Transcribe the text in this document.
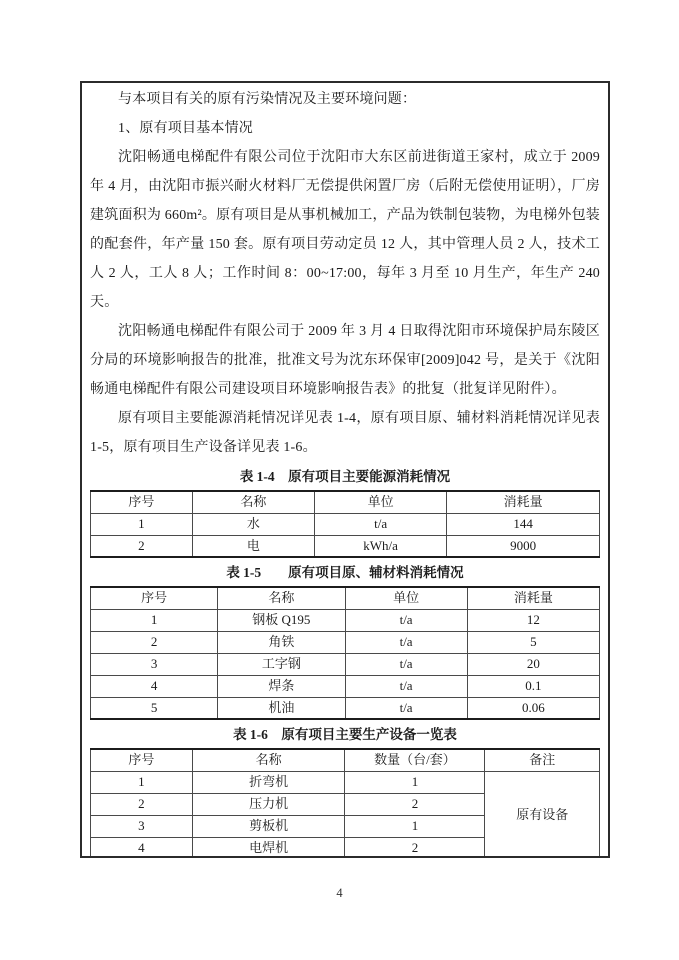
与本项目有关的原有污染情况及主要环境问题：

1、原有项目基本情况

沈阳畅通电梯配件有限公司位于沈阳市大东区前进街道王家村，成立于 2009 年 4 月，由沈阳市振兴耐火材料厂无偿提供闲置厂房（后附无偿使用证明），厂房建筑面积为 660m²。原有项目是从事机械加工，产品为铁制包装物，为电梯外包装的配套件，年产量 150 套。原有项目劳动定员 12 人，其中管理人员 2 人，技术工人 2 人，工人 8 人；工作时间 8：00~17:00，每年 3 月至 10 月生产，年生产 240 天。

沈阳畅通电梯配件有限公司于 2009 年 3 月 4 日取得沈阳市环境保护局东陵区分局的环境影响报告的批准，批准文号为沈东环保审[2009]042 号，是关于《沈阳畅通电梯配件有限公司建设项目环境影响报告表》的批复（批复详见附件）。

原有项目主要能源消耗情况详见表 1-4，原有项目原、辅材料消耗情况详见表 1-5，原有项目生产设备详见表 1-6。

表 1-4　原有项目主要能源消耗情况

序号	名称	单位	消耗量
1	水	t/a	144
2	电	kWh/a	9000

表 1-5　　原有项目原、辅材料消耗情况

序号	名称	单位	消耗量
1	钢板 Q195	t/a	12
2	角铁	t/a	5
3	工字钢	t/a	20
4	焊条	t/a	0.1
5	机油	t/a	0.06

表 1-6　原有项目主要生产设备一览表

序号	名称	数量（台/套）	备注
1	折弯机	1	原有设备
2	压力机	2	
3	剪板机	1	
4	电焊机	2	
4
